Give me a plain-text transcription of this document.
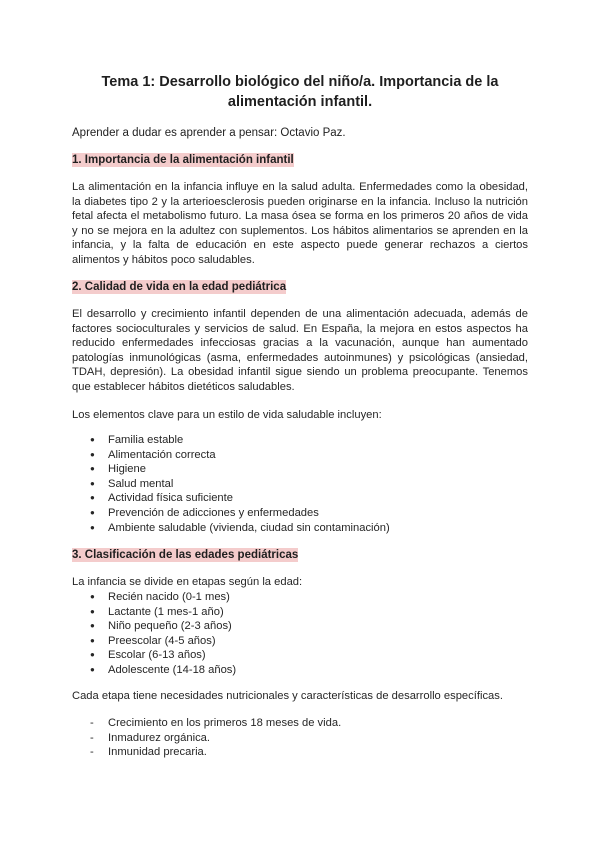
Tema 1: Desarrollo biológico del niño/a. Importancia de la
alimentación infantil.
Aprender a dudar es aprender a pensar: Octavio Paz.
1. Importancia de la alimentación infantil
La alimentación en la infancia influye en la salud adulta. Enfermedades como la obesidad, la diabetes tipo 2 y la arterioesclerosis pueden originarse en la infancia. Incluso la nutrición fetal afecta el metabolismo futuro. La masa ósea se forma en los primeros 20 años de vida y no se mejora en la adultez con suplementos. Los hábitos alimentarios se aprenden en la infancia, y la falta de educación en este aspecto puede generar rechazos a ciertos alimentos y hábitos poco saludables.
2. Calidad de vida en la edad pediátrica
El desarrollo y crecimiento infantil dependen de una alimentación adecuada, además de factores socioculturales y servicios de salud. En España, la mejora en estos aspectos ha reducido enfermedades infecciosas gracias a la vacunación, aunque han aumentado patologías inmunológicas (asma, enfermedades autoinmunes) y psicológicas (ansiedad, TDAH, depresión). La obesidad infantil sigue siendo un problema preocupante. Tenemos que establecer hábitos dietéticos saludables.
Los elementos clave para un estilo de vida saludable incluyen:
● Familia estable
● Alimentación correcta
● Higiene
● Salud mental
● Actividad física suficiente
● Prevención de adicciones y enfermedades
● Ambiente saludable (vivienda, ciudad sin contaminación)
3. Clasificación de las edades pediátricas
La infancia se divide en etapas según la edad:
● Recién nacido (0-1 mes)
● Lactante (1 mes-1 año)
● Niño pequeño (2-3 años)
● Preescolar (4-5 años)
● Escolar (6-13 años)
● Adolescente (14-18 años)
Cada etapa tiene necesidades nutricionales y características de desarrollo específicas.
- Crecimiento en los primeros 18 meses de vida.
- Inmadurez orgánica.
- Inmunidad precaria.
